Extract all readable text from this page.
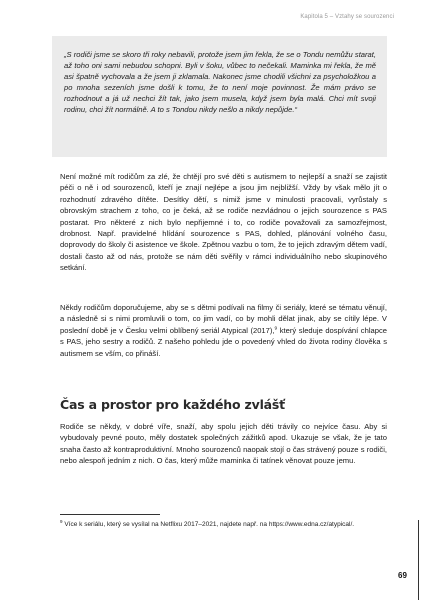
Kapitola 5 – Vztahy se sourozenci

„S rodiči jsme se skoro tři roky nebavili, protože jsem jim řekla, že se o Tondu nemůžu starat, až toho oni sami nebudou schopni. Byli v šoku, vůbec to nečekali. Maminka mi řekla, že mě asi špatně vychovala a že jsem ji zklamala. Nakonec jsme chodili všichni za psycholožkou a po mnoha sezeních jsme došli k tomu, že to není moje povinnost. Že mám právo se rozhodnout a já už nechci žít tak, jako jsem musela, když jsem byla malá. Chci mít svoji rodinu, chci žít normálně. A to s Tondou nikdy nešlo a nikdy nepůjde.“

Není možné mít rodičům za zlé, že chtějí pro své děti s autismem to nejlepší a snaží se zajistit péči o ně i od sourozenců, kteří je znají nejlépe a jsou jim nejbližší. Vždy by však mělo jít o rozhodnutí zdravého dítěte. Desítky dětí, s nimiž jsme v minulosti pracovali, vyrůstaly s obrovským strachem z toho, co je čeká, až se rodiče nezvládnou o jejich sourozence s PAS postarat. Pro některé z nich bylo nepřijemné i to, co rodiče považovali za samozřejmost, drobnost. Např. pravidelné hlídání sourozence s PAS, dohled, plánování volného času, doprovody do školy či asistence ve škole. Zpětnou vazbu o tom, že to jejich zdravým dětem vadí, dostali často až od nás, protože se nám děti svěřily v rámci individuálního nebo skupinového setkání.

Někdy rodičům doporučujeme, aby se s dětmi podívali na filmy či seriály, které se tématu věnují, a následně si s nimi promluvili o tom, co jim vadí, co by mohli dělat jinak, aby se cítily lépe. V poslední době je v Česku velmi oblíbený seriál Atypical (2017),$^9$ který sleduje dospívání chlapce s PAS, jeho sestry a rodičů. Z našeho pohledu jde o povedený vhled do života rodiny člověka s autismem se vším, co přináší.

Čas a prostor pro každého zvlášť

Rodiče se někdy, v dobré víře, snaží, aby spolu jejich děti trávily co nejvíce času. Aby si vybudovaly pevné pouto, měly dostatek společných zážitků apod. Ukazuje se však, že je tato snaha často až kontraproduktivní. Mnoho sourozenců naopak stojí o čas strávený pouze s rodiči, nebo alespoň jedním z nich. O čas, který může maminka či tatínek věnovat pouze jemu.

$^9$ Více k seriálu, který se vysílal na Netflixu 2017–2021, najdete např. na https://www.edna.cz/atypical/.

69
